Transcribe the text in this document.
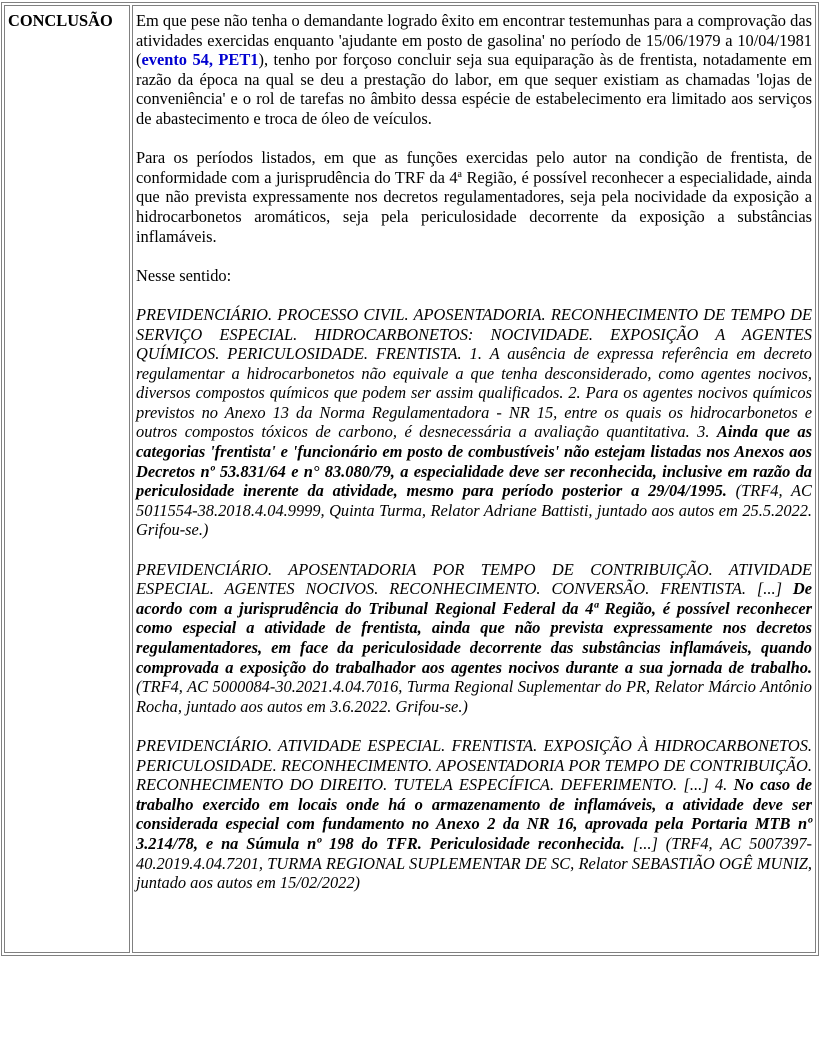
CONCLUSÃO	Em que pese não tenha o demandante logrado êxito em encontrar testemunhas para a comprovação das atividades exercidas enquanto 'ajudante em posto de gasolina' no período de 15/06/1979 a 10/04/1981 (evento 54, PET1), tenho por forçoso concluir seja sua equiparação às de frentista, notadamente em razão da época na qual se deu a prestação do labor, em que sequer existiam as chamadas 'lojas de conveniência' e o rol de tarefas no âmbito dessa espécie de estabelecimento era limitado aos serviços de abastecimento e troca de óleo de veículos.

Para os períodos listados, em que as funções exercidas pelo autor na condição de frentista, de conformidade com a jurisprudência do TRF da 4$^a$ Região, é possível reconhecer a especialidade, ainda que não prevista expressamente nos decretos regulamentadores, seja pela nocividade da exposição a hidrocarbonetos aromáticos, seja pela periculosidade decorrente da exposição a substâncias inflamáveis.

Nesse sentido:

PREVIDENCIÁRIO. PROCESSO CIVIL. APOSENTADORIA. RECONHECIMENTO DE TEMPO DE SERVIÇO ESPECIAL. HIDROCARBONETOS: NOCIVIDADE. EXPOSIÇÃO A AGENTES QUÍMICOS. PERICULOSIDADE. FRENTISTA. 1. A ausência de expressa referência em decreto regulamentar a hidrocarbonetos não equivale a que tenha desconsiderado, como agentes nocivos, diversos compostos químicos que podem ser assim qualificados. 2. Para os agentes nocivos químicos previstos no Anexo 13 da Norma Regulamentadora - NR 15, entre os quais os hidrocarbonetos e outros compostos tóxicos de carbono, é desnecessária a avaliação quantitativa. 3. Ainda que as categorias 'frentista' e 'funcionário em posto de combustíveis' não estejam listadas nos Anexos aos Decretos nº 53.831/64 e n° 83.080/79, a especialidade deve ser reconhecida, inclusive em razão da periculosidade inerente da atividade, mesmo para período posterior a 29/04/1995. (TRF4, AC 5011554-38.2018.4.04.9999, Quinta Turma, Relator Adriane Battisti, juntado aos autos em 25.5.2022. Grifou-se.)

PREVIDENCIÁRIO. APOSENTADORIA POR TEMPO DE CONTRIBUIÇÃO. ATIVIDADE ESPECIAL. AGENTES NOCIVOS. RECONHECIMENTO. CONVERSÃO. FRENTISTA. [...] De acordo com a jurisprudência do Tribunal Regional Federal da 4ª Região, é possível reconhecer como especial a atividade de frentista, ainda que não prevista expressamente nos decretos regulamentadores, em face da periculosidade decorrente das substâncias inflamáveis, quando comprovada a exposição do trabalhador aos agentes nocivos durante a sua jornada de trabalho. (TRF4, AC 5000084-30.2021.4.04.7016, Turma Regional Suplementar do PR, Relator Márcio Antônio Rocha, juntado aos autos em 3.6.2022. Grifou-se.)

PREVIDENCIÁRIO. ATIVIDADE ESPECIAL. FRENTISTA. EXPOSIÇÃO À HIDROCARBONETOS. PERICULOSIDADE. RECONHECIMENTO. APOSENTADORIA POR TEMPO DE CONTRIBUIÇÃO. RECONHECIMENTO DO DIREITO. TUTELA ESPECÍFICA. DEFERIMENTO. [...] 4. No caso de trabalho exercido em locais onde há o armazenamento de inflamáveis, a atividade deve ser considerada especial com fundamento no Anexo 2 da NR 16, aprovada pela Portaria MTB nº 3.214/78, e na Súmula nº 198 do TFR. Periculosidade reconhecida. [...] (TRF4, AC 5007397-40.2019.4.04.7201, TURMA REGIONAL SUPLEMENTAR DE SC, Relator SEBASTIÃO OGÊ MUNIZ, juntado aos autos em 15/02/2022)
